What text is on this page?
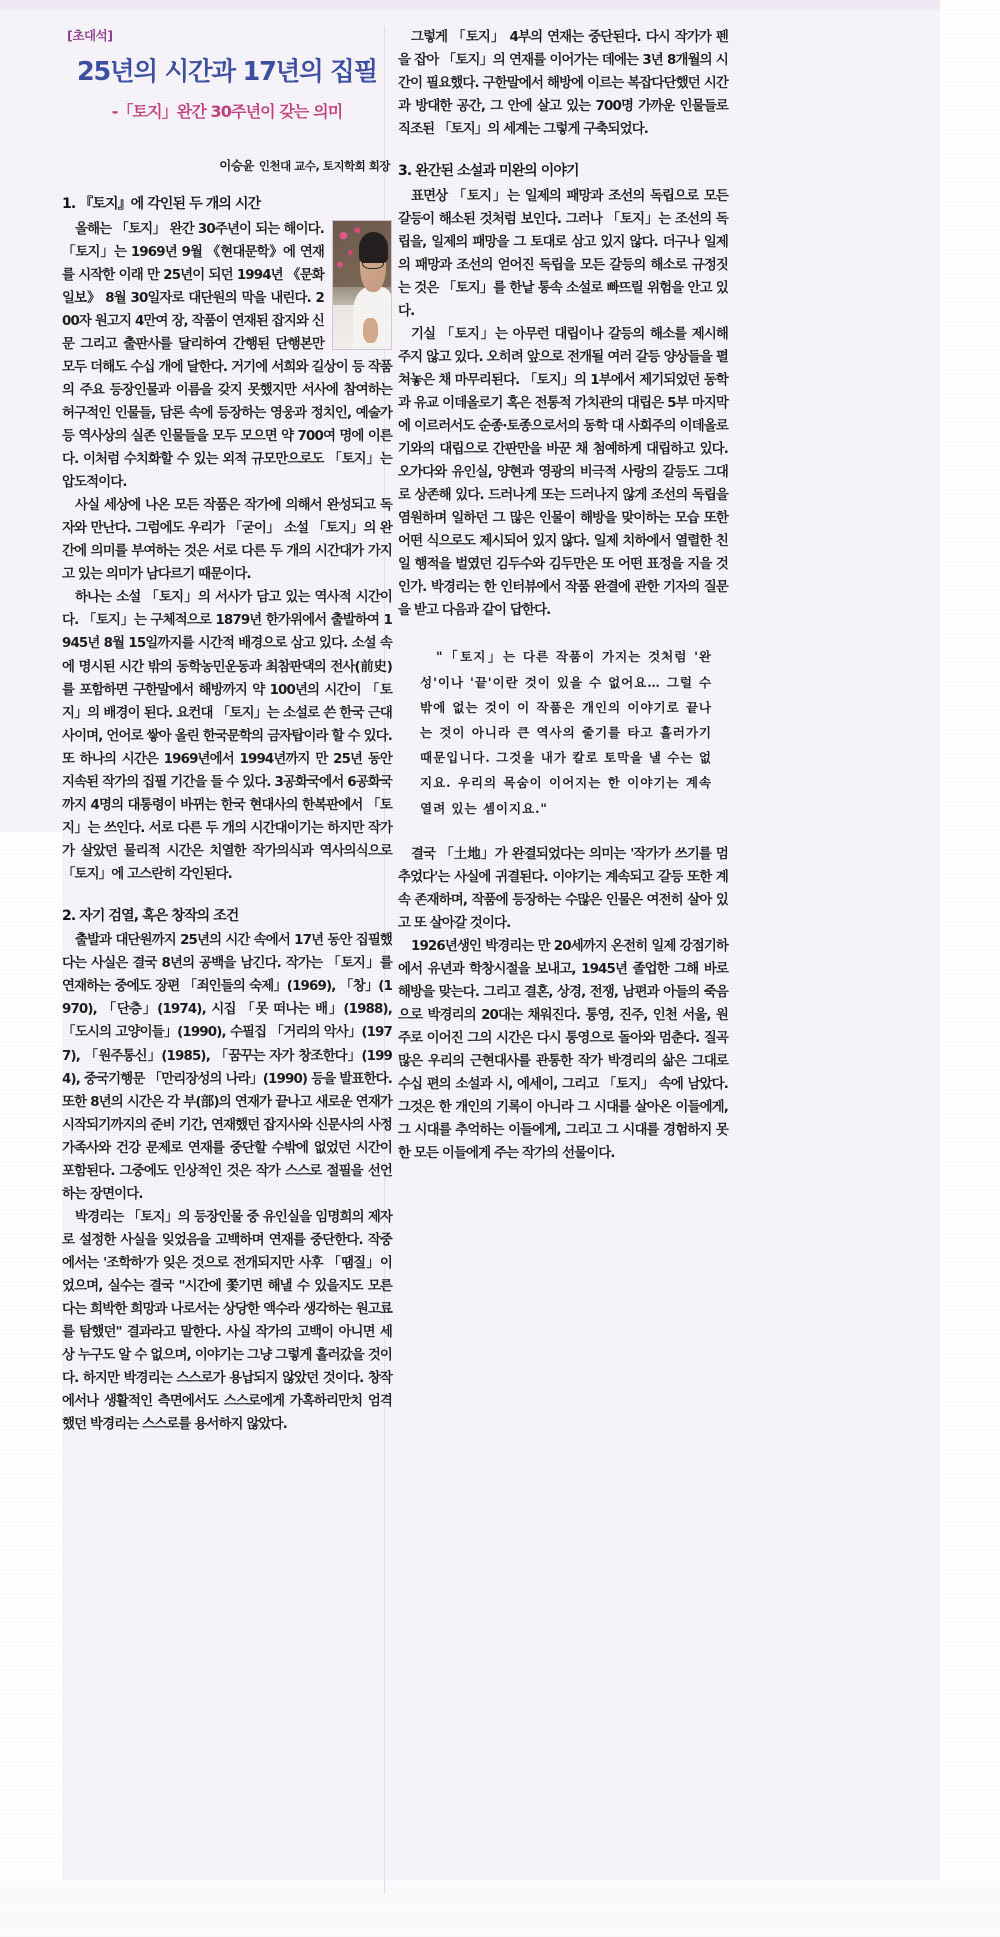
[초대석]
25년의 시간과 17년의 집필
-「토지」완간 30주년이 갖는 의미
이승윤 인천대 교수, 토지학회 회장
1. 『토지』에 각인된 두 개의 시간

올해는 「토지」 완간 30주년이 되는 해이다. 「토지」는 1969년 9월 《현대문학》에 연재를 시작한 이래 만 25년이 되던 1994년 《문화일보》 8월 30일자로 대단원의 막을 내린다. 200자 원고지 4만여 장, 작품이 연재된 잡지와 신문 그리고 출판사를 달리하여 간행된 단행본만 모두 더해도 수십 개에 달한다. 거기에 서희와 길상이 등 작품의 주요 등장인물과 이름을 갖지 못했지만 서사에 참여하는 허구적인 인물들, 담론 속에 등장하는 영웅과 정치인, 예술가 등 역사상의 실존 인물들을 모두 모으면 약 700여 명에 이른다. 이처럼 수치화할 수 있는 외적 규모만으로도 「토지」는 압도적이다.

사실 세상에 나온 모든 작품은 작가에 의해서 완성되고 독자와 만난다. 그럼에도 우리가 「굳이」 소설 「토지」의 완간에 의미를 부여하는 것은 서로 다른 두 개의 시간대가 가지고 있는 의미가 남다르기 때문이다.

하나는 소설 「토지」의 서사가 담고 있는 역사적 시간이다. 「토지」는 구체적으로 1879년 한가위에서 출발하여 1945년 8월 15일까지를 시간적 배경으로 삼고 있다. 소설 속에 명시된 시간 밖의 동학농민운동과 최참판댁의 전사(前史)를 포함하면 구한말에서 해방까지 약 100년의 시간이 「토지」의 배경이 된다. 요컨대 「토지」는 소설로 쓴 한국 근대사이며, 언어로 쌓아 올린 한국문학의 금자탑이라 할 수 있다. 또 하나의 시간은 1969년에서 1994년까지 만 25년 동안 지속된 작가의 집필 기간을 들 수 있다. 3공화국에서 6공화국까지 4명의 대통령이 바뀌는 한국 현대사의 한복판에서 「토지」는 쓰인다. 서로 다른 두 개의 시간대이기는 하지만 작가가 살았던 물리적 시간은 치열한 작가의식과 역사의식으로 「토지」에 고스란히 각인된다.

2. 자기 검열, 혹은 창작의 조건

출발과 대단원까지 25년의 시간 속에서 17년 동안 집필했다는 사실은 결국 8년의 공백을 남긴다. 작가는 「토지」를 연재하는 중에도 장편 「죄인들의 숙제」(1969), 「창」(1970), 「단층」(1974), 시집 「못 떠나는 배」(1988), 「도시의 고양이들」(1990), 수필집 「거리의 악사」(1977), 「원주통신」(1985), 「꿈꾸는 자가 창조한다」(1994), 중국기행문 「만리장성의 나라」(1990) 등을 발표한다. 또한 8년의 시간은 각 부(部)의 연재가 끝나고 새로운 연재가 시작되기까지의 준비 기간, 연재했던 잡지사와 신문사의 사정 가족사와 건강 문제로 연재를 중단할 수밖에 없었던 시간이 포함된다. 그중에도 인상적인 것은 작가 스스로 절필을 선언하는 장면이다.

박경리는 「토지」의 등장인물 중 유인실을 임명희의 제자로 설정한 사실을 잊었음을 고백하며 연재를 중단한다. 작중에서는 '조학하'가 잊은 것으로 전개되지만 사후 「땜질」이었으며, 실수는 결국 "시간에 쫓기면 해낼 수 있을지도 모른다는 희박한 희망과 나로서는 상당한 액수라 생각하는 원고료를 탐했던" 결과라고 말한다. 사실 작가의 고백이 아니면 세상 누구도 알 수 없으며, 이야기는 그냥 그렇게 흘러갔을 것이다. 하지만 박경리는 스스로가 용납되지 않았던 것이다. 창작에서나 생활적인 측면에서도 스스로에게 가혹하리만치 엄격했던 박경리는 스스로를 용서하지 않았다.

그렇게 「토지」 4부의 연재는 중단된다. 다시 작가가 펜을 잡아 「토지」의 연재를 이어가는 데에는 3년 8개월의 시간이 필요했다. 구한말에서 해방에 이르는 복잡다단했던 시간과 방대한 공간, 그 안에 살고 있는 700명 가까운 인물들로 직조된 「토지」의 세계는 그렇게 구축되었다.

3. 완간된 소설과 미완의 이야기

표면상 「토지」는 일제의 패망과 조선의 독립으로 모든 갈등이 해소된 것처럼 보인다. 그러나 「토지」는 조선의 독립을, 일제의 패망을 그 토대로 삼고 있지 않다. 더구나 일제의 패망과 조선의 얻어진 독립을 모든 갈등의 해소로 규정짓는 것은 「토지」를 한낱 통속 소설로 빠뜨릴 위험을 안고 있다.

기실 「토지」는 아무런 대립이나 갈등의 해소를 제시해 주지 않고 있다. 오히려 앞으로 전개될 여러 갈등 양상들을 펼쳐놓은 채 마무리된다. 「토지」의 1부에서 제기되었던 동학과 유교 이데올로기 혹은 전통적 가치관의 대립은 5부 마지막에 이르러서도 순종·토종으로서의 동학 대 사회주의 이데올로기와의 대립으로 간판만을 바꾼 채 첨예하게 대립하고 있다. 오가다와 유인실, 양현과 영광의 비극적 사랑의 갈등도 그대로 상존해 있다. 드러나게 또는 드러나지 않게 조선의 독립을 염원하며 일하던 그 많은 인물이 해방을 맞이하는 모습 또한 어떤 식으로도 제시되어 있지 않다. 일제 치하에서 열렬한 친일 행적을 벌였던 김두수와 김두만은 또 어떤 표정을 지을 것인가. 박경리는 한 인터뷰에서 작품 완결에 관한 기자의 질문을 받고 다음과 같이 답한다.

"「토지」는 다른 작품이 가지는 것처럼 '완성'이나 '끝'이란 것이 있을 수 없어요… 그럴 수밖에 없는 것이 이 작품은 개인의 이야기로 끝나는 것이 아니라 큰 역사의 줄기를 타고 흘러가기 때문입니다. 그것을 내가 칼로 토막을 낼 수는 없지요. 우리의 목숨이 이어지는 한 이야기는 계속 열려 있는 셈이지요."

결국 「土地」가 완결되었다는 의미는 '작가가 쓰기를 멈추었다'는 사실에 귀결된다. 이야기는 계속되고 갈등 또한 계속 존재하며, 작품에 등장하는 수많은 인물은 여전히 살아 있고 또 살아갈 것이다.

1926년생인 박경리는 만 20세까지 온전히 일제 강점기하에서 유년과 학창시절을 보내고, 1945년 졸업한 그해 바로 해방을 맞는다. 그리고 결혼, 상경, 전쟁, 남편과 아들의 죽음으로 박경리의 20대는 채워진다. 통영, 진주, 인천 서울, 원주로 이어진 그의 시간은 다시 통영으로 돌아와 멈춘다. 질곡 많은 우리의 근현대사를 관통한 작가 박경리의 삶은 그대로 수십 편의 소설과 시, 에세이, 그리고 「토지」 속에 남았다. 그것은 한 개인의 기록이 아니라 그 시대를 살아온 이들에게, 그 시대를 추억하는 이들에게, 그리고 그 시대를 경험하지 못한 모든 이들에게 주는 작가의 선물이다.
